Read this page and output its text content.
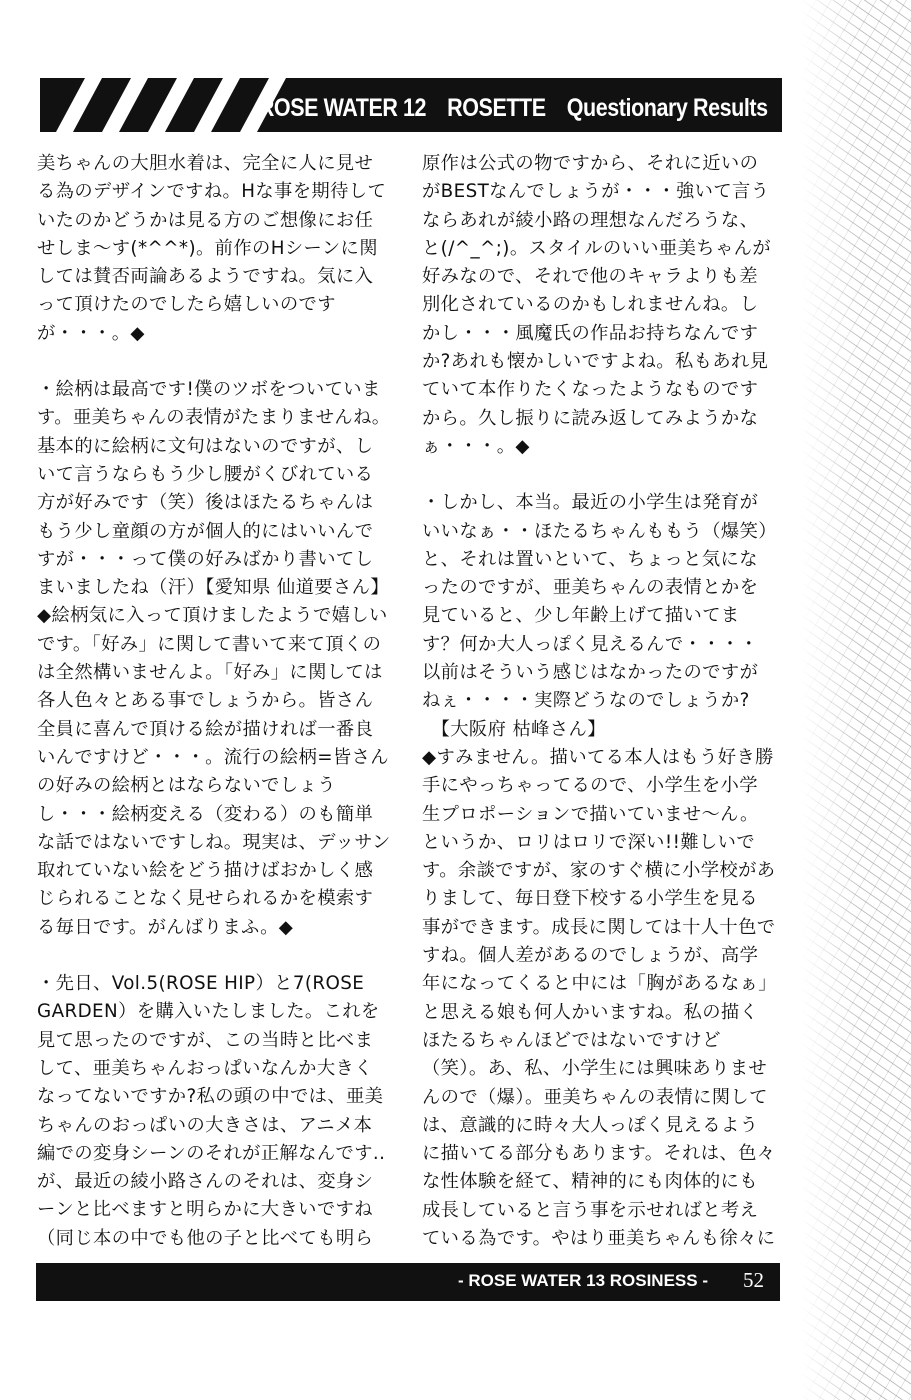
ROSE WATER 12　ROSETTE　Questionary Results

美ちゃんの大胆水着は、完全に人に見せる為のデザインですね。Hな事を期待していたのかどうかは見る方のご想像にお任せしま～す(*^^*)。前作のHシーンに関しては賛否両論あるようですね。気に入って頂けたのでしたら嬉しいのですが・・・。◆

・絵柄は最高です!僕のツボをついています。亜美ちゃんの表情がたまりませんね。基本的に絵柄に文句はないのですが、しいて言うならもう少し腰がくびれている方が好みです（笑）後はほたるちゃんはもう少し童顔の方が個人的にはいいんですが・・・って僕の好みばかり書いてしまいましたね（汗）【愛知県 仙道要さん】

◆絵柄気に入って頂けましたようで嬉しいです。「好み」に関して書いて来て頂くのは全然構いませんよ。「好み」に関しては各人色々とある事でしょうから。皆さん全員に喜んで頂ける絵が描ければ一番良いんですけど・・・。流行の絵柄=皆さんの好みの絵柄とはならないでしょうし・・・絵柄変える（変わる）のも簡単な話ではないですしね。現実は、デッサン取れていない絵をどう描けばおかしく感じられることなく見せられるかを模索する毎日です。がんばりまふ。◆

・先日、Vol.5(ROSE HIP）と7(ROSE GARDEN）を購入いたしました。これを見て思ったのですが、この当時と比べまして、亜美ちゃんおっぱいなんか大きくなってないですか?私の頭の中では、亜美ちゃんのおっぱいの大きさは、アニメ本編での変身シーンのそれが正解なんです..が、最近の綾小路さんのそれは、変身シーンと比べますと明らかに大きいですね（同じ本の中でも他の子と比べても明ら

原作は公式の物ですから、それに近いのがBESTなんでしょうが・・・強いて言うならあれが綾小路の理想なんだろうな、と(/^_^;)。スタイルのいい亜美ちゃんが好みなので、それで他のキャラよりも差別化されているのかもしれませんね。しかし・・・風魔氏の作品お持ちなんですか?あれも懐かしいですよね。私もあれ見ていて本作りたくなったようなものですから。久し振りに読み返してみようかなぁ・・・。◆

・しかし、本当。最近の小学生は発育がいいなぁ・・ほたるちゃんももう（爆笑）と、それは置いといて、ちょっと気になったのですが、亜美ちゃんの表情とかを見ていると、少し年齢上げて描いてます？何か大人っぽく見えるんで・・・・以前はそういう感じはなかったのですがねぇ・・・・実際どうなのでしょうか?

　【大阪府 枯峰さん】

◆すみません。描いてる本人はもう好き勝手にやっちゃってるので、小学生を小学生プロポーションで描いていませ～ん。というか、ロリはロリで深い!!難しいです。余談ですが、家のすぐ横に小学校がありまして、毎日登下校する小学生を見る事ができます。成長に関しては十人十色ですね。個人差があるのでしょうが、高学年になってくると中には「胸があるなぁ」と思える娘も何人かいますね。私の描くほたるちゃんほどではないですけど（笑）。あ、私、小学生には興味ありませんので（爆）。亜美ちゃんの表情に関しては、意識的に時々大人っぽく見えるように描いてる部分もあります。それは、色々な性体験を経て、精神的にも肉体的にも成長していると言う事を示せればと考えている為です。やはり亜美ちゃんも徐々に

- ROSE WATER 13 ROSINESS - 52
